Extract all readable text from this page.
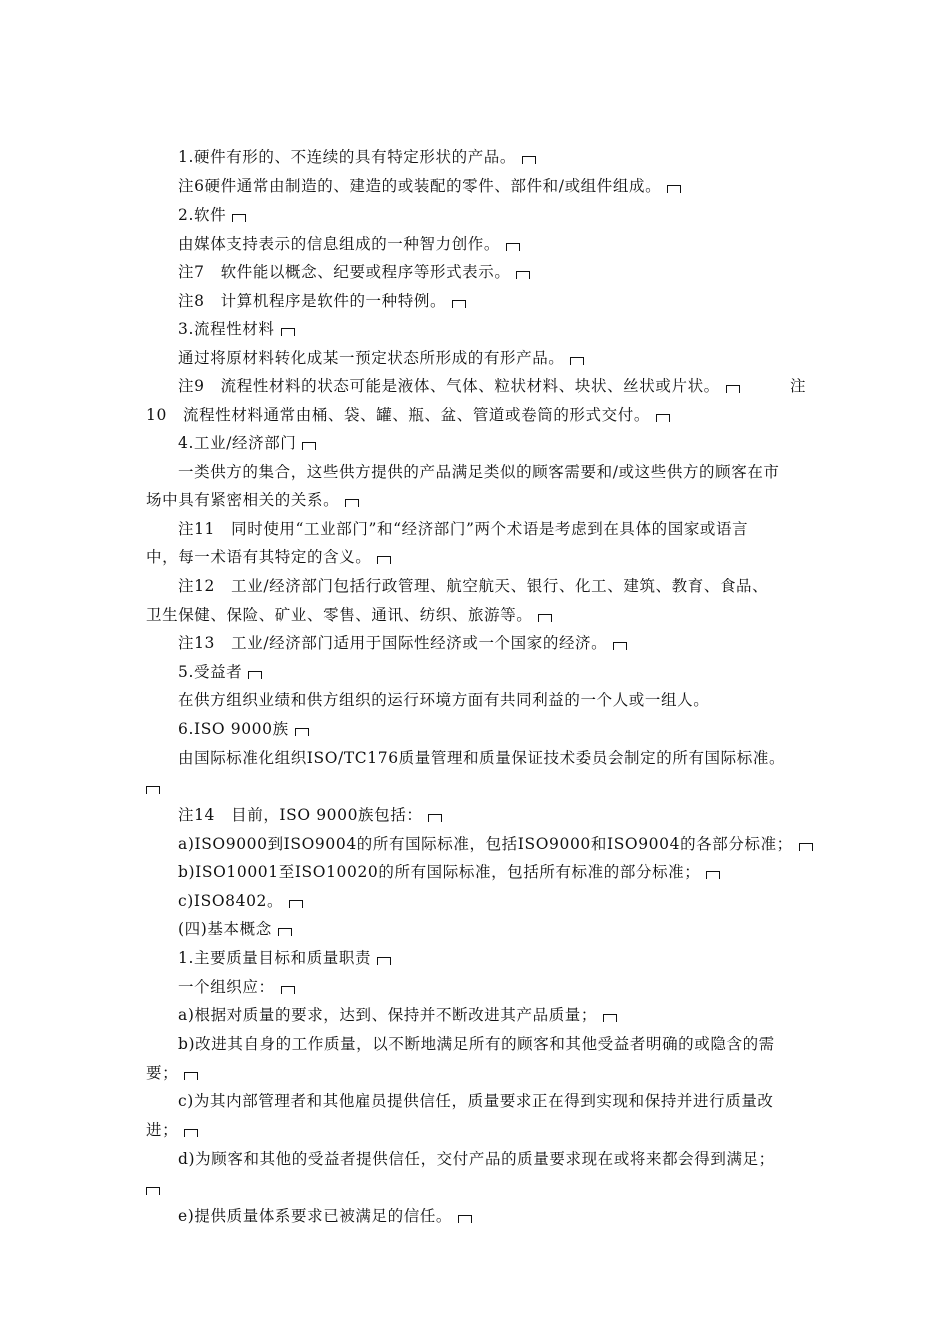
1.硬件有形的、不连续的具有特定形状的产品。
注6硬件通常由制造的、建造的或装配的零件、部件和/或组件组成。
2.软件
由媒体支持表示的信息组成的一种智力创作。
注7　软件能以概念、纪要或程序等形式表示。
注8　计算机程序是软件的一种特例。
3.流程性材料
通过将原材料转化成某一预定状态所形成的有形产品。
注9　流程性材料的状态可能是液体、气体、粒状材料、块状、丝状或片状。	注
10　流程性材料通常由桶、袋、罐、瓶、盆、管道或卷筒的形式交付。
4.工业/经济部门
一类供方的集合，这些供方提供的产品满足类似的顾客需要和/或这些供方的顾客在市
场中具有紧密相关的关系。
注11　同时使用“工业部门”和“经济部门”两个术语是考虑到在具体的国家或语言
中，每一术语有其特定的含义。
注12　工业/经济部门包括行政管理、航空航天、银行、化工、建筑、教育、食品、
卫生保健、保险、矿业、零售、通讯、纺织、旅游等。
注13　工业/经济部门适用于国际性经济或一个国家的经济。
5.受益者
在供方组织业绩和供方组织的运行环境方面有共同利益的一个人或一组人。
6.ISO 9000族
由国际标准化组织ISO/TC176质量管理和质量保证技术委员会制定的所有国际标准。
注14　目前，ISO 9000族包括：
a)ISO9000到ISO9004的所有国际标准，包括ISO9000和ISO9004的各部分标准；
b)ISO10001至ISO10020的所有国际标准，包括所有标准的部分标准；
c)ISO8402。
(四)基本概念
1.主要质量目标和质量职责
一个组织应：
a)根据对质量的要求，达到、保持并不断改进其产品质量；
b)改进其自身的工作质量，以不断地满足所有的顾客和其他受益者明确的或隐含的需
要；
c)为其内部管理者和其他雇员提供信任，质量要求正在得到实现和保持并进行质量改
进；
d)为顾客和其他的受益者提供信任，交付产品的质量要求现在或将来都会得到满足；
e)提供质量体系要求已被满足的信任。
